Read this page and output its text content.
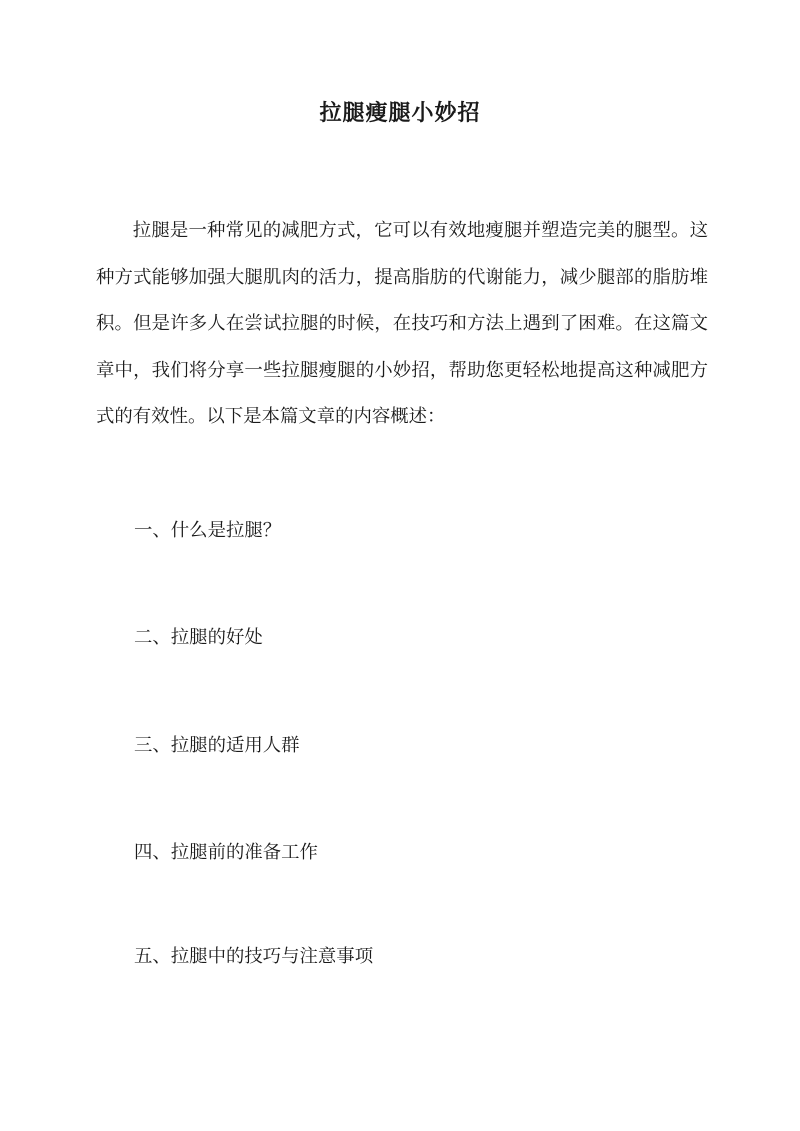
拉腿瘦腿小妙招

拉腿是一种常见的减肥方式，它可以有效地瘦腿并塑造完美的腿型。这种方式能够加强大腿肌肉的活力，提高脂肪的代谢能力，减少腿部的脂肪堆积。但是许多人在尝试拉腿的时候，在技巧和方法上遇到了困难。在这篇文章中，我们将分享一些拉腿瘦腿的小妙招，帮助您更轻松地提高这种减肥方式的有效性。以下是本篇文章的内容概述：

一、什么是拉腿？

二、拉腿的好处

三、拉腿的适用人群

四、拉腿前的准备工作

五、拉腿中的技巧与注意事项
